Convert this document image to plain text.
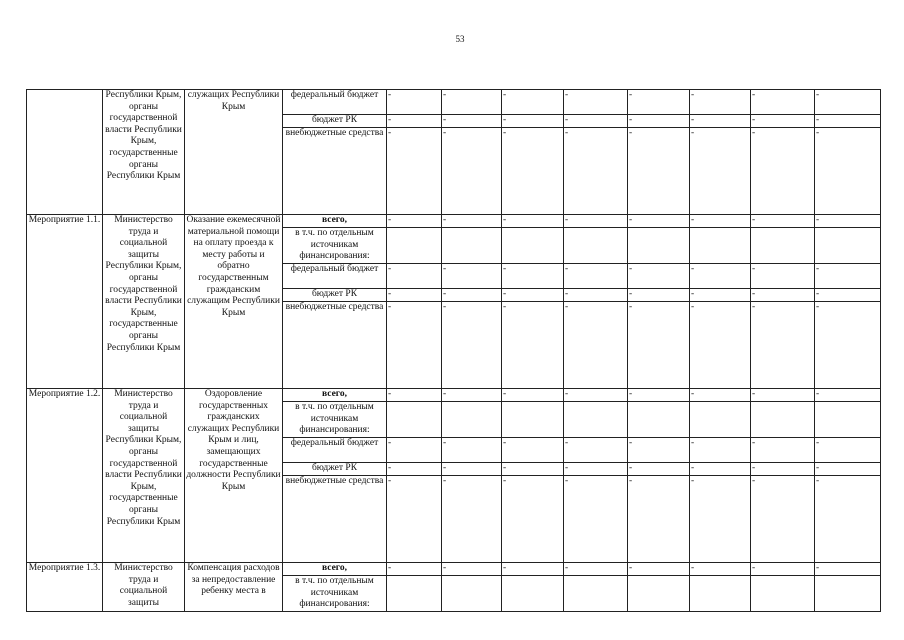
53
	Республики Крым, органы государственной власти Республики Крым, государственные органы Республики Крым	служащих Республики Крым	федеральный бюджет	-	-	-	-	-	-	-	-
			бюджет РК	-	-	-	-	-	-	-	-
			внебюджетные средства	-	-	-	-	-	-	-	-
Мероприятие 1.1.	Министерство труда и социальной защиты Республики Крым, органы государственной власти Республики Крым, государственные органы Республики Крым	Оказание ежемесячной материальной помощи на оплату проезда к месту работы и обратно государственным гражданским служащим Республики Крым	всего,	-	-	-	-	-	-	-	-
			в т.ч. по отдельным источникам финансирования:								
			федеральный бюджет	-	-	-	-	-	-	-	-
			бюджет РК	-	-	-	-	-	-	-	-
			внебюджетные средства	-	-	-	-	-	-	-	-
Мероприятие 1.2.	Министерство труда и социальной защиты Республики Крым, органы государственной власти Республики Крым, государственные органы Республики Крым	Оздоровление государственных гражданских служащих Республики Крым и лиц, замещающих государственные должности Республики Крым	всего,	-	-	-	-	-	-	-	-
			в т.ч. по отдельным источникам финансирования:								
			федеральный бюджет	-	-	-	-	-	-	-	-
			бюджет РК	-	-	-	-	-	-	-	-
			внебюджетные средства	-	-	-	-	-	-	-	-
Мероприятие 1.3.	Министерство труда и социальной защиты	Компенсация расходов за непредоставление ребенку места в	всего,	-	-	-	-	-	-	-	-
			в т.ч. по отдельным источникам финансирования:								
